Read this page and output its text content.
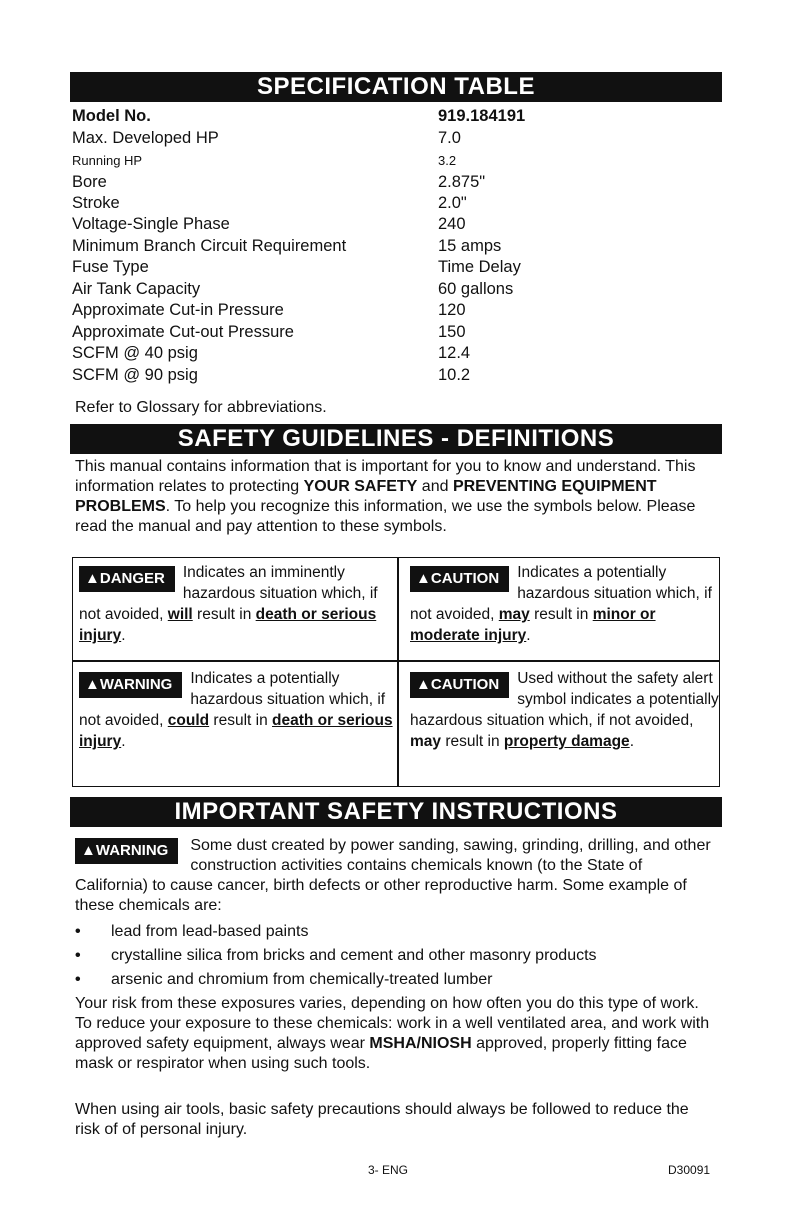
SPECIFICATION TABLE
Model No.	919.184191
Max. Developed HP	7.0
Running HP	3.2
Bore	2.875"
Stroke	2.0"
Voltage-Single Phase	240
Minimum Branch Circuit Requirement	15 amps
Fuse Type	Time Delay
Air Tank Capacity	60 gallons
Approximate Cut-in Pressure	120
Approximate Cut-out Pressure	150
SCFM @ 40 psig	12.4
SCFM @ 90 psig	10.2
Refer to Glossary for abbreviations.
SAFETY GUIDELINES - DEFINITIONS
This manual contains information that is important for you to know and understand. This information relates to protecting YOUR SAFETY and PREVENTING EQUIPMENT PROBLEMS. To help you recognize this information, we use the symbols below. Please read the manual and pay attention to these symbols.
▲DANGER	Indicates an imminently hazardous situation which, if not avoided, will result in death or serious injury.
▲CAUTION	Indicates a potentially hazardous situation which, if not avoided, may result in minor or moderate injury.
▲WARNING	Indicates a potentially hazardous situation which, if not avoided, could result in death or serious injury.
▲CAUTION	Used without the safety alert symbol indicates a potentially hazardous situation which, if not avoided, may result in property damage.
IMPORTANT SAFETY INSTRUCTIONS
▲WARNING	Some dust created by power sanding, sawing, grinding, drilling, and other construction activities contains chemicals known (to the State of California) to cause cancer, birth defects or other reproductive harm. Some example of these chemicals are:
• lead from lead-based paints
• crystalline silica from bricks and cement and other masonry products
• arsenic and chromium from chemically-treated lumber
Your risk from these exposures varies, depending on how often you do this type of work. To reduce your exposure to these chemicals: work in a well ventilated area, and work with approved safety equipment, always wear MSHA/NIOSH approved, properly fitting face mask or respirator when using such tools.
When using air tools, basic safety precautions should always be followed to reduce the risk of of personal injury.
3- ENG	D30091
